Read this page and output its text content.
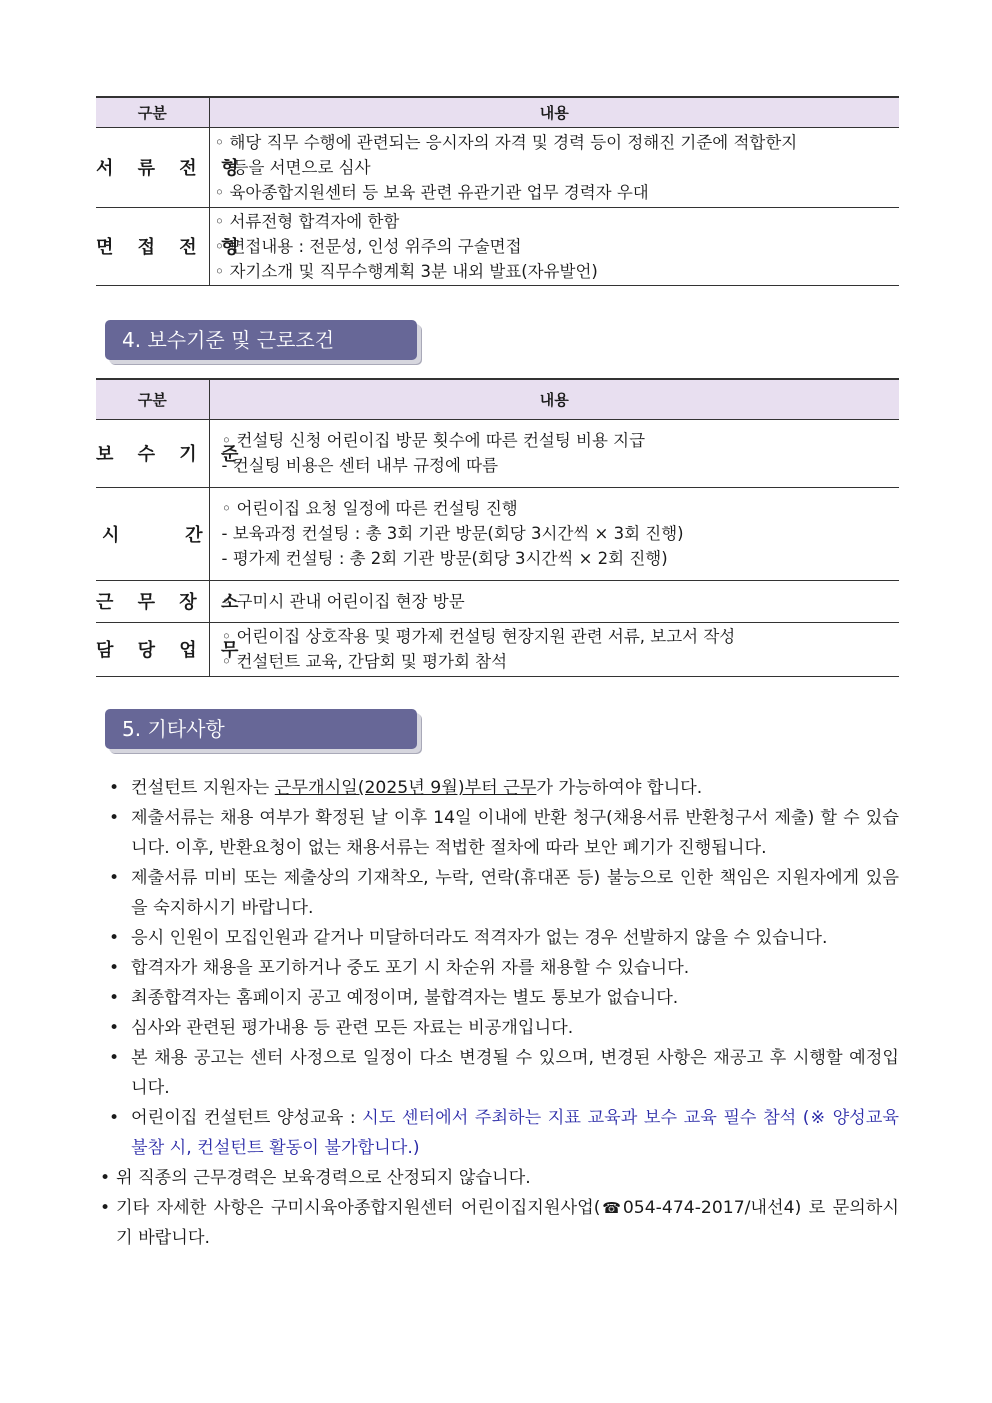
구분	내용
서 류 전 형	◦ 해당 직무 수행에 관련되는 응시자의 자격 및 경력 등이 정해진 기준에 적합한지
등을 서면으로 심사
◦ 육아종합지원센터 등 보육 관련 유관기관 업무 경력자 우대

면 접 전 형	◦ 서류전형 합격자에 한함
◦ 면접내용 : 전문성, 인성 위주의 구술면접
◦ 자기소개 및 직무수행계획 3분 내외 발표(자유발언)
4. 보수기준 및 근로조건
구분	내용
보 수 기 준	◦ 컨설팅 신청 어린이집 방문 횟수에 따른 컨설팅 비용 지급
- 컨실팅 비용은 센터 내부 규정에 따름

시 간	◦ 어린이집 요청 일정에 따른 컨설팅 진행
- 보육과정 컨설팅 : 총 3회 기관 방문(회당 3시간씩 × 3회 진행)
- 평가제 컨설팅 : 총 2회 기관 방문(회당 3시간씩 × 2회 진행)

근 무 장 소	◦ 구미시 관내 어린이집 현장 방문

담 당 업 무	◦ 어린이집 상호작용 및 평가제 컨설팅 현장지원 관련 서류, 보고서 작성
◦ 컨설턴트 교육, 간담회 및 평가회 참석
5. 기타사항
• 컨설턴트 지원자는 근무개시일(2025년 9월)부터 근무가 가능하여야 합니다.
• 제출서류는 채용 여부가 확정된 날 이후 14일 이내에 반환 청구(채용서류 반환청구서 제출) 할 수 있습니다. 이후, 반환요청이 없는 채용서류는 적법한 절차에 따라 보안 폐기가 진행됩니다.
• 제출서류 미비 또는 제출상의 기재착오, 누락, 연락(휴대폰 등) 불능으로 인한 책임은 지원자에게 있음을 숙지하시기 바랍니다.
• 응시 인원이 모집인원과 같거나 미달하더라도 적격자가 없는 경우 선발하지 않을 수 있습니다.
• 합격자가 채용을 포기하거나 중도 포기 시 차순위 자를 채용할 수 있습니다.
• 최종합격자는 홈페이지 공고 예정이며, 불합격자는 별도 통보가 없습니다.
• 심사와 관련된 평가내용 등 관련 모든 자료는 비공개입니다.
• 본 채용 공고는 센터 사정으로 일정이 다소 변경될 수 있으며, 변경된 사항은 재공고 후 시행할 예정입니다.
• 어린이집 컨설턴트 양성교육 : 시도 센터에서 주최하는 지표 교육과 보수 교육 필수 참석 (※ 양성교육 불참 시, 컨설턴트 활동이 불가합니다.)
• 위 직종의 근무경력은 보육경력으로 산정되지 않습니다.
• 기타 자세한 사항은 구미시육아종합지원센터 어린이집지원사업(☎054-474-2017/내선4) 로 문의하시기 바랍니다.
